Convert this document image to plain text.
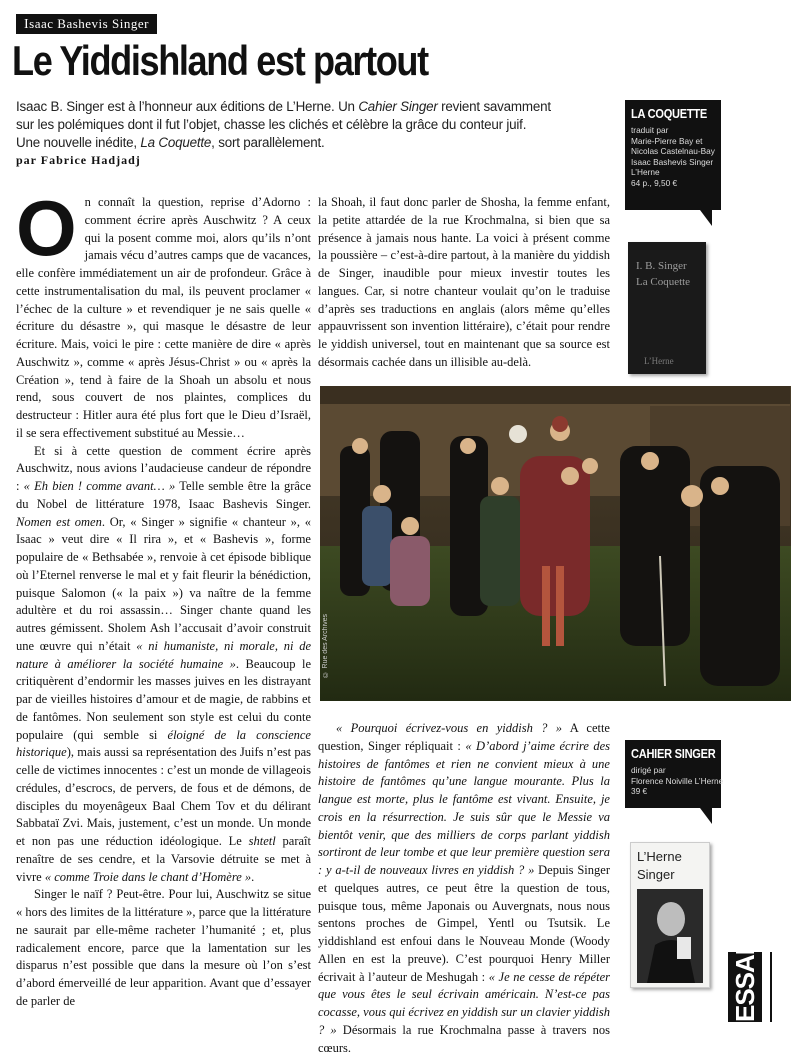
Isaac Bashevis Singer
Le Yiddishland est partout

Isaac B. Singer est à l’honneur aux éditions de L’Herne. Un Cahier Singer revient savamment

sur les polémiques dont il fut l’objet, chasse les clichés et célèbre la grâce du conteur juif.

Une nouvelle inédite, La Coquette, sort parallèlement.

par Fabrice Hadjadj

On connaît la question, reprise d’Adorno : comment écrire après Auschwitz ? A ceux qui la posent comme moi, alors qu’ils n’ont jamais vécu d’autres camps que de vacances, elle confère immédiatement un air de profondeur. Grâce à cette instrumentalisation du mal, ils peuvent proclamer « l’échec de la culture » et revendiquer je ne sais quelle « écriture du désastre », qui masque le désastre de leur écriture. Mais, voici le pire : cette manière de dire « après Auschwitz », comme « après Jésus-Christ » ou « après la Création », tend à faire de la Shoah un absolu et nous rend, sous couvert de nos plaintes, complices du destructeur : Hitler aura été plus fort que le Dieu d’Israël, il se sera effectivement substitué au Messie…

Et si à cette question de comment écrire après Auschwitz, nous avions l’audacieuse candeur de répondre : « Eh bien ! comme avant… » Telle semble être la grâce du Nobel de littérature 1978, Isaac Bashevis Singer. Nomen est omen. Or, « Singer » signifie « chanteur », « Isaac » veut dire « Il rira », et « Bashevis », forme populaire de « Bethsabée », renvoie à cet épisode biblique où l’Eternel renverse le mal et y fait fleurir la bénédiction, puisque Salomon (« la paix ») va naître de la femme adultère et du roi assassin… Singer chante quand les autres gémissent. Sholem Ash l’accusait d’avoir construit une œuvre qui n’était « ni humaniste, ni morale, ni de nature à améliorer la société humaine ». Beaucoup le critiquèrent d’endormir les masses juives en les distrayant par de vieilles histoires d’amour et de magie, de rabbins et de fantômes. Non seulement son style est celui du conte populaire (qui semble si éloigné de la conscience historique), mais aussi sa représentation des Juifs n’est pas celle de victimes innocentes : c’est un monde de villageois crédules, d’escrocs, de pervers, de fous et de démons, de disciples du moyenâgeux Baal Chem Tov et du délirant Sabbataï Zvi. Mais, justement, c’est un monde. Un monde et non pas une réduction idéologique. Le shtetl paraît renaître de ses cendre, et la Varsovie détruite se met à vivre « comme Troie dans le chant d’Homère ».

Singer le naïf ? Peut-être. Pour lui, Auschwitz se situe « hors des limites de la littérature », parce que la littérature ne saurait par elle-même racheter l’humanité ; et, plus radicalement encore, parce que la lamentation sur les disparus n’est possible que dans la mesure où l’on s’est d’abord émerveillé de leur apparition. Avant que d’essayer de parler de

la Shoah, il faut donc parler de Shosha, la femme enfant, la petite attardée de la rue Krochmalna, si bien que sa présence à jamais nous hante. La voici à présent comme la poussière – c’est-à-dire partout, à la manière du yiddish de Singer, inaudible pour mieux investir toutes les langues. Car, si notre chanteur voulait qu’on le traduise d’après ses traductions en anglais (alors même qu’elles appauvrissent son invention littéraire), c’était pour rendre le yiddish universel, tout en maintenant que sa source est désormais cachée dans un illisible au-delà.

© Rue des Archives

« Pourquoi écrivez-vous en yiddish ? » A cette question, Singer répliquait : « D’abord j’aime écrire des histoires de fantômes et rien ne convient mieux à une histoire de fantômes qu’une langue mourante. Plus la langue est morte, plus le fantôme est vivant. Ensuite, je crois en la résurrection. Je suis sûr que le Messie va bientôt venir, que des milliers de corps parlant yiddish sortiront de leur tombe et que leur première question sera : y a-t-il de nouveaux livres en yiddish ? » Depuis Singer et quelques autres, ce peut être la question de tous, puisque tous, même Japonais ou Auvergnats, nous nous sentons proches de Gimpel, Yentl ou Tsutsik. Le yiddishland est enfoui dans le Nouveau Monde (Woody Allen en est la preuve). C’est pourquoi Henry Miller écrivait à l’auteur de Meshugah : « Je ne cesse de répéter que vous êtes le seul écrivain américain. N’est-ce pas cocasse, vous qui écrivez en yiddish sur un clavier yiddish ? » Désormais la rue Krochmalna passe à travers nos cœurs.

LA COQUETTE
traduit par
Marie-Pierre Bay et
Nicolas Castelnau-Bay
Isaac Bashevis Singer
L’Herne
64 p., 9,50 €
I. B. Singer
La Coquette
L’Herne
CAHIER SINGER
dirigé par
Florence Noiville L’Herne
39 €
L’Herne
Singer
ESSAI
